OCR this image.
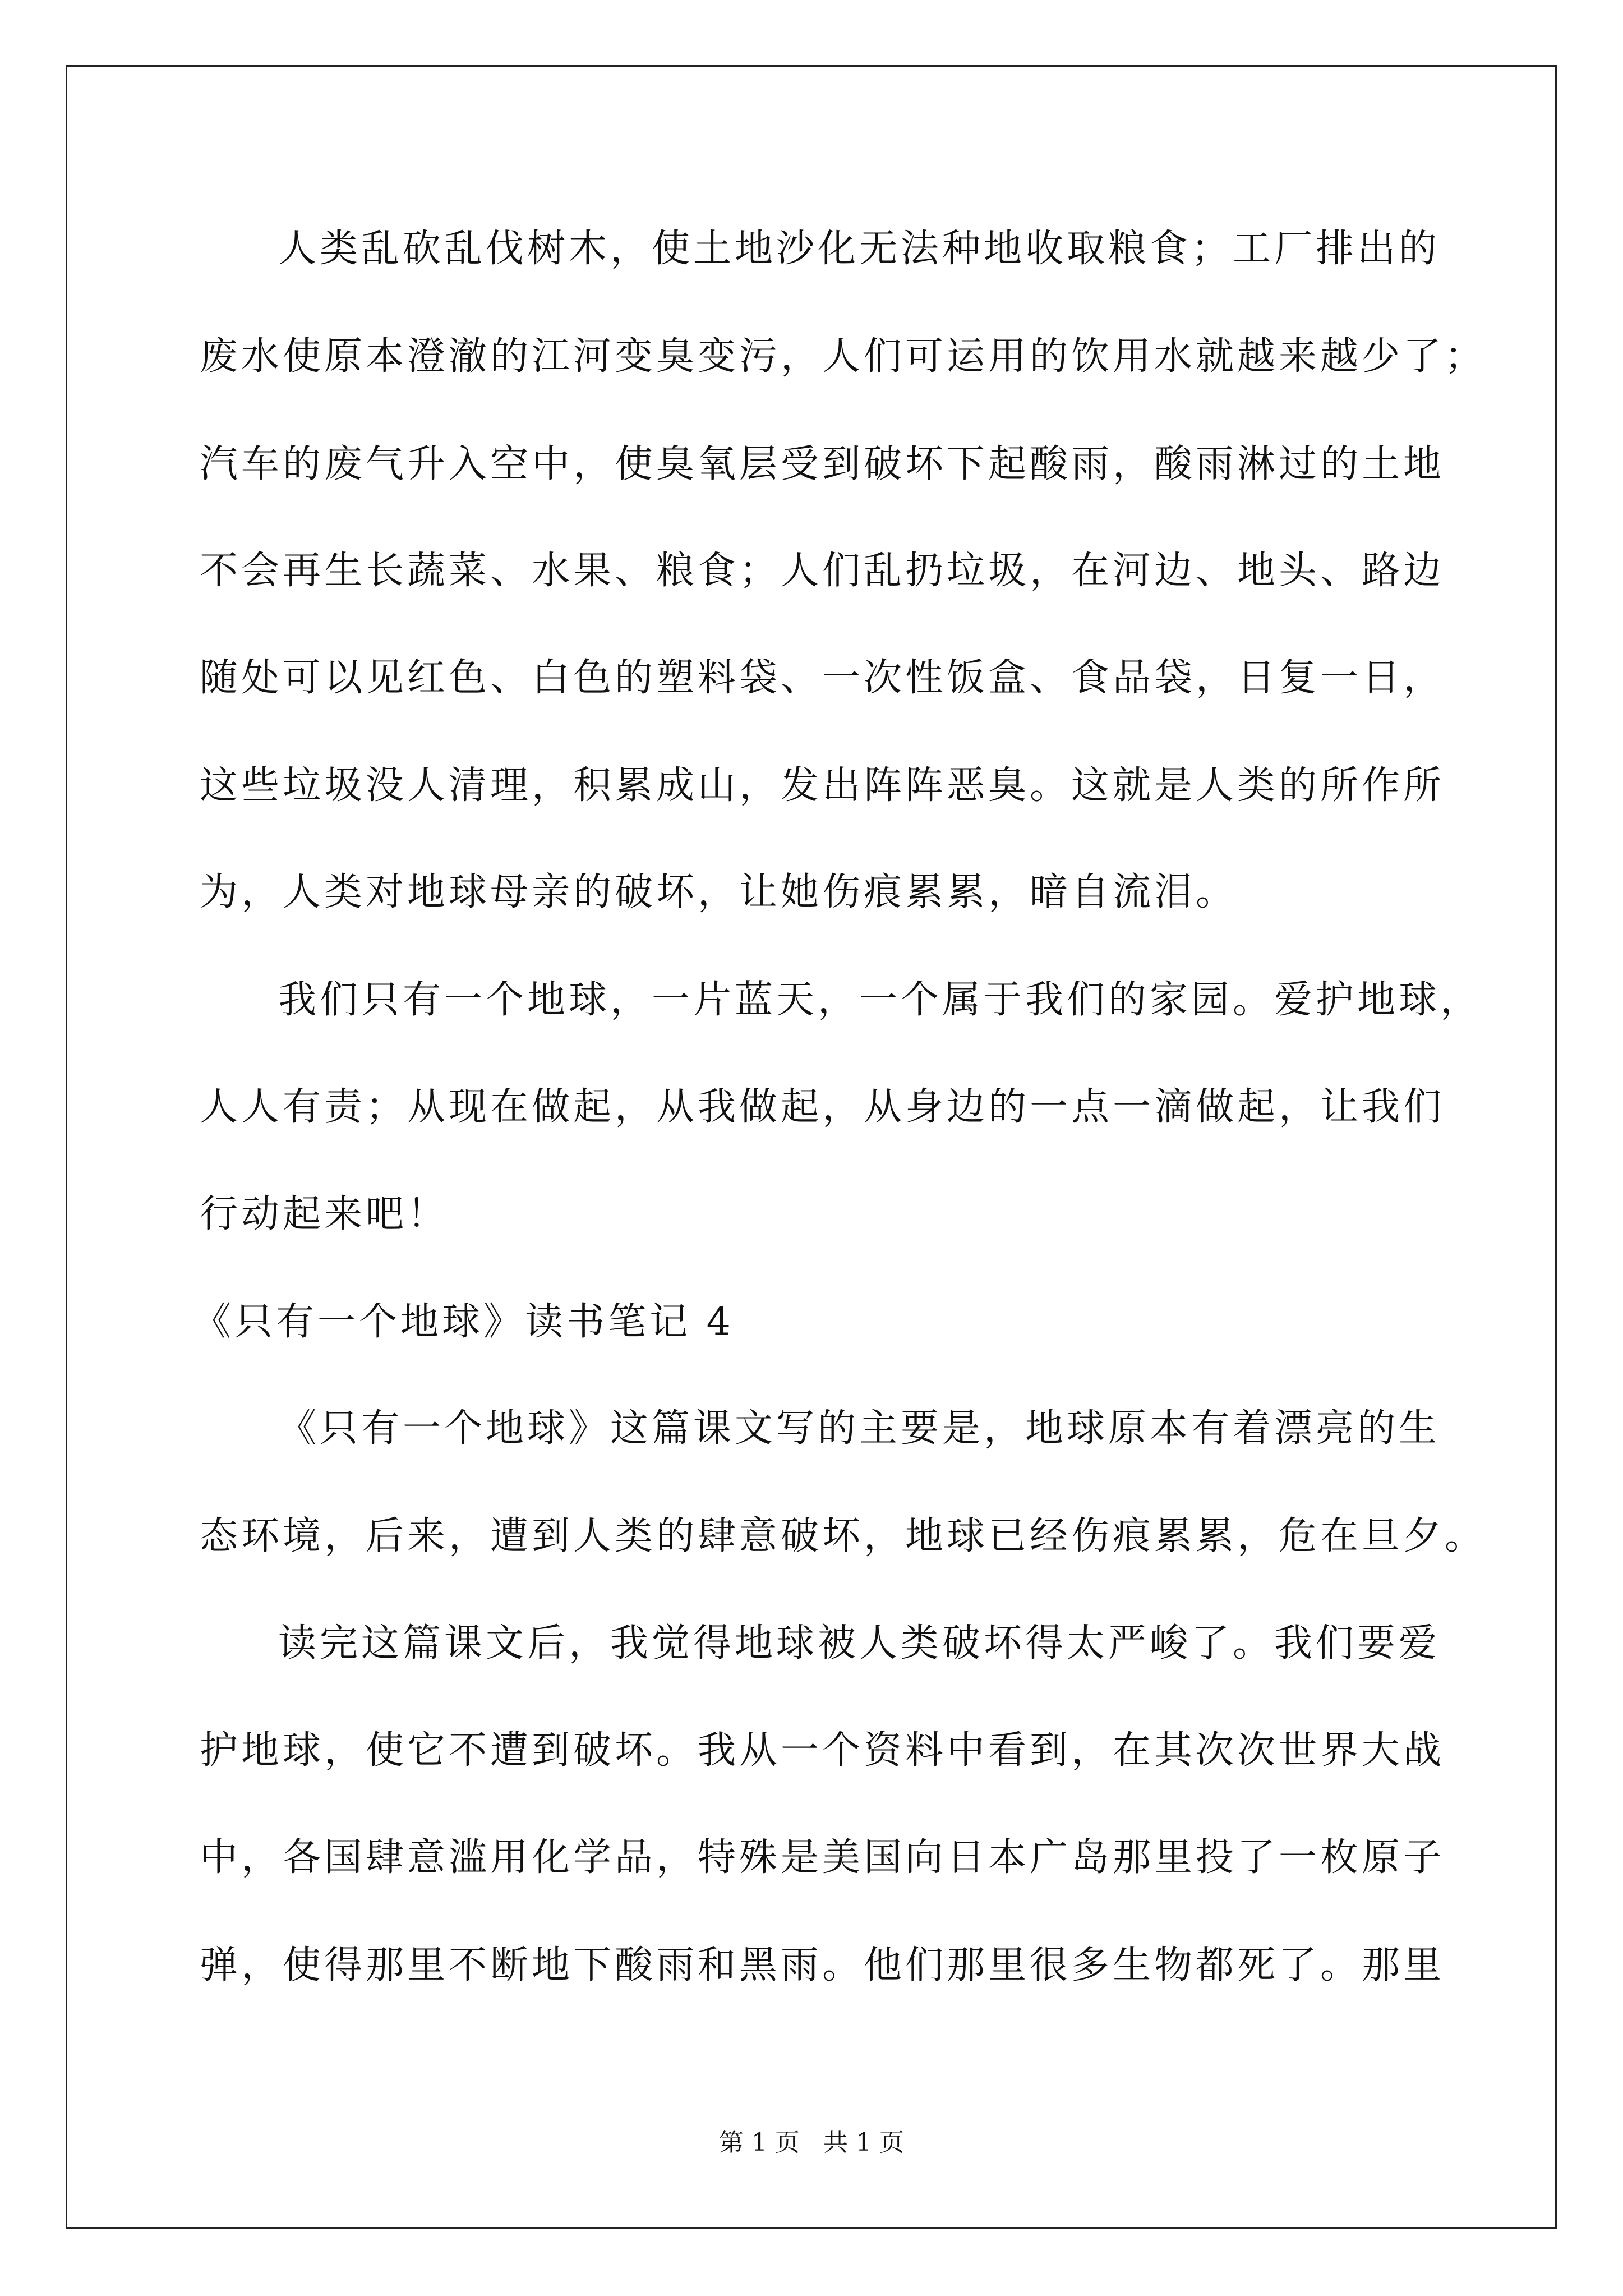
人类乱砍乱伐树木，使土地沙化无法种地收取粮食；工厂排出的
废水使原本澄澈的江河变臭变污，人们可运用的饮用水就越来越少了；
汽车的废气升入空中，使臭氧层受到破坏下起酸雨，酸雨淋过的土地
不会再生长蔬菜、水果、粮食；人们乱扔垃圾，在河边、地头、路边
随处可以见红色、白色的塑料袋、一次性饭盒、食品袋，日复一日，
这些垃圾没人清理，积累成山，发出阵阵恶臭。这就是人类的所作所
为，人类对地球母亲的破坏，让她伤痕累累，暗自流泪。
我们只有一个地球，一片蓝天，一个属于我们的家园。爱护地球，
人人有责；从现在做起，从我做起，从身边的一点一滴做起，让我们
行动起来吧！
《只有一个地球》读书笔记 4
《只有一个地球》这篇课文写的主要是，地球原本有着漂亮的生
态环境，后来，遭到人类的肆意破坏，地球已经伤痕累累，危在旦夕。
读完这篇课文后，我觉得地球被人类破坏得太严峻了。我们要爱
护地球，使它不遭到破坏。我从一个资料中看到，在其次次世界大战
中，各国肆意滥用化学品，特殊是美国向日本广岛那里投了一枚原子
弹，使得那里不断地下酸雨和黑雨。他们那里很多生物都死了。那里
第 1 页   共 1 页
